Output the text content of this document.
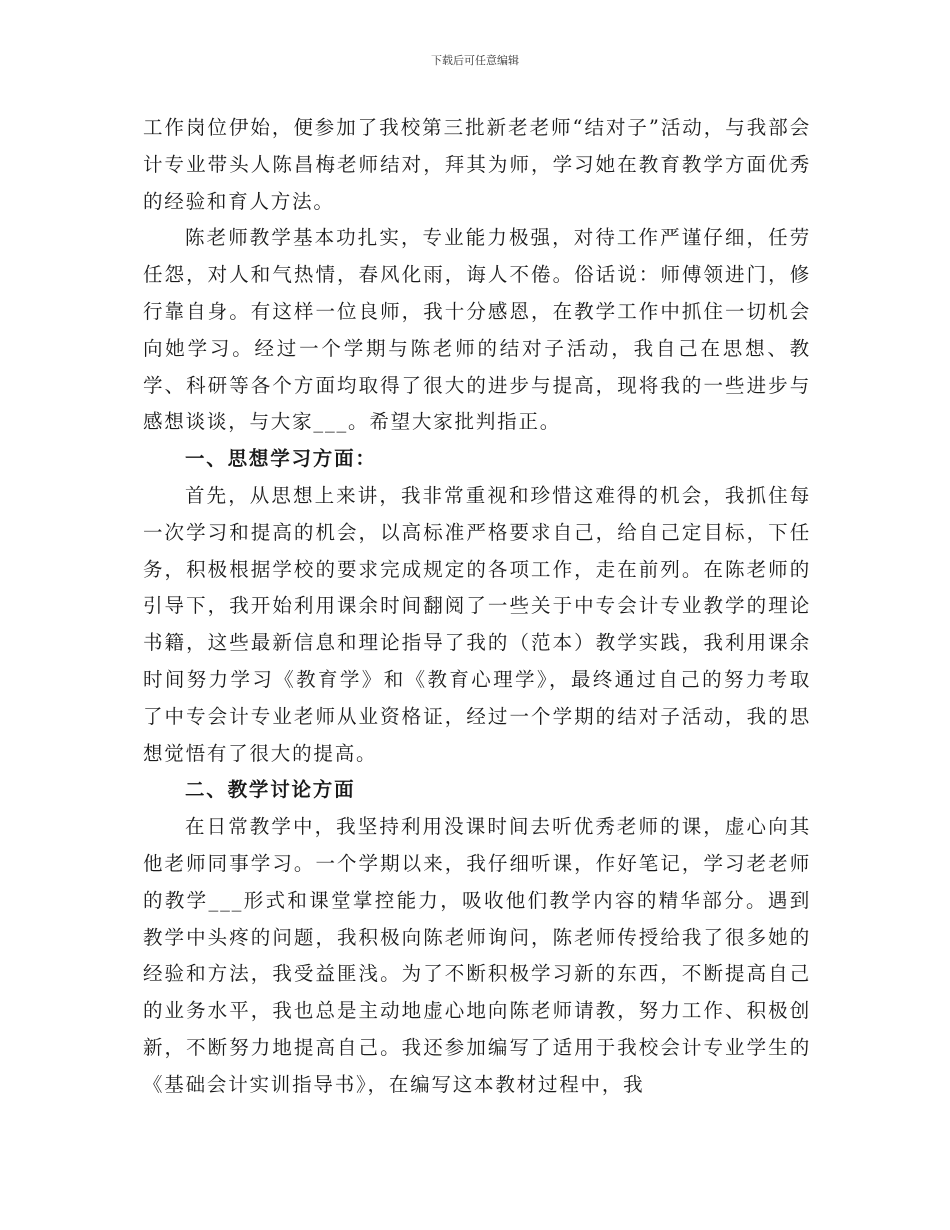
下载后可任意编辑

工作岗位伊始，便参加了我校第三批新老老师“结对子”活动，与我部会计专业带头人陈昌梅老师结对，拜其为师，学习她在教育教学方面优秀的经验和育人方法。

陈老师教学基本功扎实，专业能力极强，对待工作严谨仔细，任劳任怨，对人和气热情，春风化雨，诲人不倦。俗话说：师傅领进门，修行靠自身。有这样一位良师，我十分感恩，在教学工作中抓住一切机会向她学习。经过一个学期与陈老师的结对子活动，我自己在思想、教学、科研等各个方面均取得了很大的进步与提高，现将我的一些进步与感想谈谈，与大家___。希望大家批判指正。

一、思想学习方面：

首先，从思想上来讲，我非常重视和珍惜这难得的机会，我抓住每一次学习和提高的机会，以高标准严格要求自己，给自己定目标，下任务，积极根据学校的要求完成规定的各项工作，走在前列。在陈老师的引导下，我开始利用课余时间翻阅了一些关于中专会计专业教学的理论书籍，这些最新信息和理论指导了我的（范本）教学实践，我利用课余时间努力学习《教育学》和《教育心理学》，最终通过自己的努力考取了中专会计专业老师从业资格证，经过一个学期的结对子活动，我的思想觉悟有了很大的提高。

二、教学讨论方面

在日常教学中，我坚持利用没课时间去听优秀老师的课，虚心向其他老师同事学习。一个学期以来，我仔细听课，作好笔记，学习老老师的教学___形式和课堂掌控能力，吸收他们教学内容的精华部分。遇到教学中头疼的问题，我积极向陈老师询问，陈老师传授给我了很多她的经验和方法，我受益匪浅。为了不断积极学习新的东西，不断提高自己的业务水平，我也总是主动地虚心地向陈老师请教，努力工作、积极创新，不断努力地提高自己。我还参加编写了适用于我校会计专业学生的《基础会计实训指导书》，在编写这本教材过程中，我
